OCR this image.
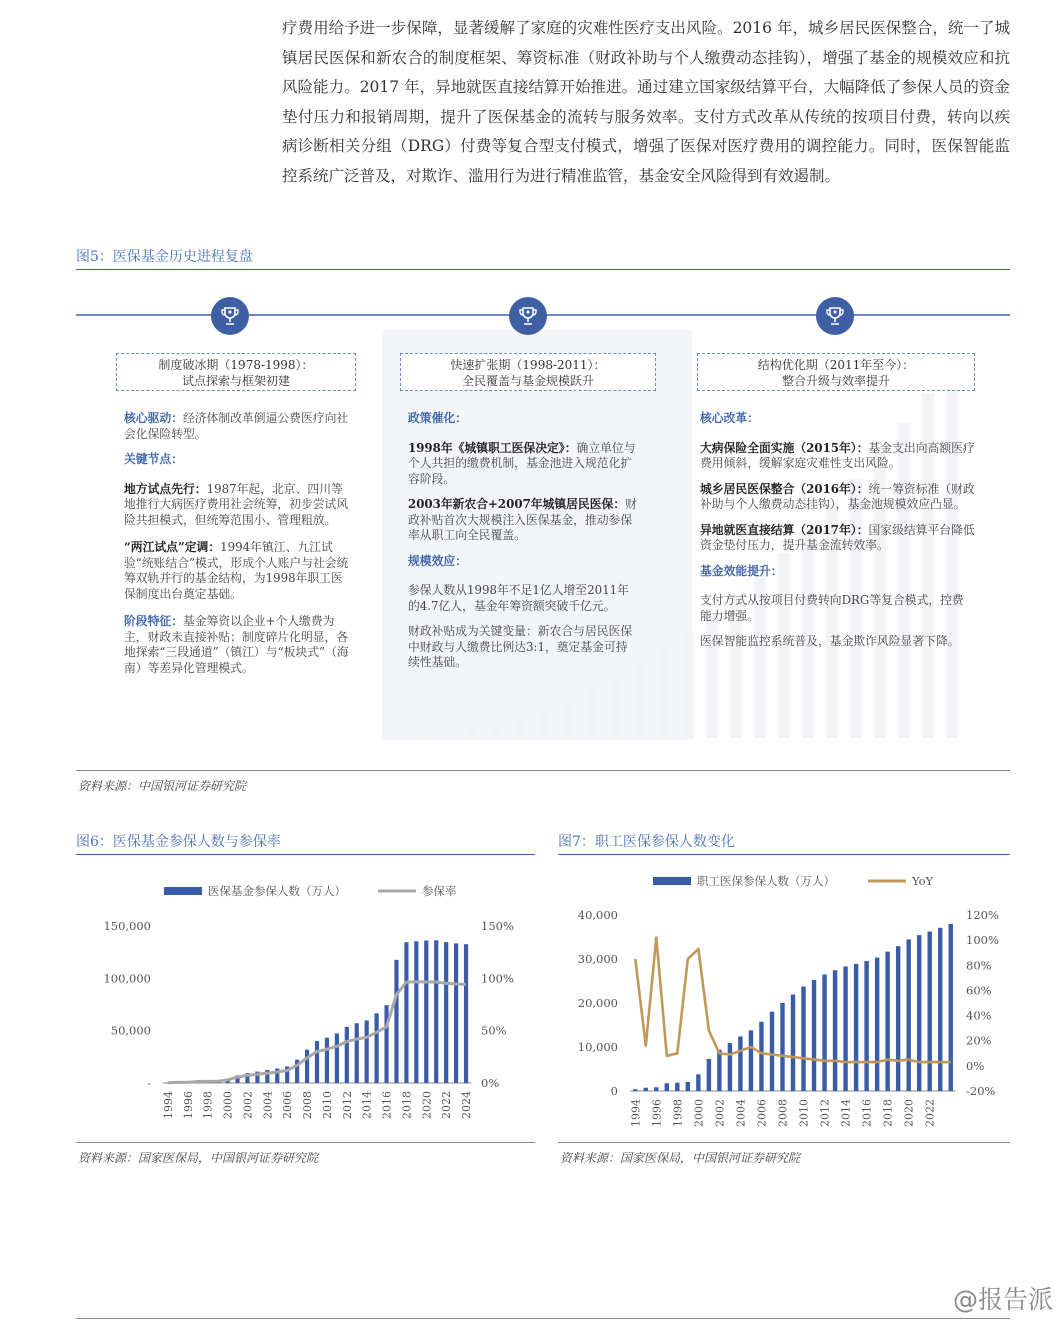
疗费用给予进一步保障，显著缓解了家庭的灾难性医疗支出风险。2016 年，城乡居民医保整合，统一了城镇居民医保和新农合的制度框架、筹资标准（财政补助与个人缴费动态挂钩），增强了基金的规模效应和抗风险能力。2017 年，异地就医直接结算开始推进。通过建立国家级结算平台，大幅降低了参保人员的资金垫付压力和报销周期，提升了医保基金的流转与服务效率。支付方式改革从传统的按项目付费，转向以疾病诊断相关分组（DRG）付费等复合型支付模式，增强了医保对医疗费用的调控能力。同时，医保智能监控系统广泛普及，对欺诈、滥用行为进行精准监管，基金安全风险得到有效遏制。

图5：医保基金历史进程复盘
制度破冰期（1978-1998）：
试点探索与框架初建
快速扩张期（1998-2011）：
全民覆盖与基金规模跃升
结构优化期（2011年至今）：
整合升级与效率提升

核心驱动：经济体制改革倒逼公费医疗向社会化保险转型。

关键节点：

地方试点先行：1987年起，北京、四川等地推行大病医疗费用社会统筹，初步尝试风险共担模式，但统筹范围小、管理粗放。

“两江试点”定调：1994年镇江、九江试验“统账结合”模式，形成个人账户与社会统筹双轨并行的基金结构，为1998年职工医保制度出台奠定基础。

阶段特征：基金筹资以企业+个人缴费为主，财政未直接补贴；制度碎片化明显，各地探索“三段通道”（镇江）与“板块式”（海南）等差异化管理模式。

政策催化：

1998年《城镇职工医保决定》：确立单位与个人共担的缴费机制，基金池进入规范化扩容阶段。

2003年新农合+2007年城镇居民医保：财政补贴首次大规模注入医保基金，推动参保率从职工向全民覆盖。

规模效应：

参保人数从1998年不足1亿人增至2011年的4.7亿人，基金年筹资额突破千亿元。

财政补贴成为关键变量：新农合与居民医保中财政与人缴费比例达3:1，奠定基金可持续性基础。

核心改革：

大病保险全面实施（2015年）：基金支出向高额医疗费用倾斜，缓解家庭灾难性支出风险。

城乡居民医保整合（2016年）：统一筹资标准（财政补助与个人缴费动态挂钩），基金池规模效应凸显。

异地就医直接结算（2017年）：国家级结算平台降低资金垫付压力，提升基金流转效率。

基金效能提升：

支付方式从按项目付费转向DRG等复合模式，控费能力增强。

医保智能监控系统普及，基金欺诈风险显著下降。

资料来源：中国银河证券研究院
图6：医保基金参保人数与参保率
医保基金参保人数（万人）	参保率
-
50,000
100,000
150,000
0%
50%
100%
150%
1994 1996 1998 2000 2002 2004 2006 2008 2010 2012 2014 2016 2018 2020 2022 2024
资料来源：国家医保局，中国银河证券研究院
图7：职工医保参保人数变化
职工医保参保人数（万人）	YoY
0
10,000
20,000
30,000
40,000
-20%
0%
20%
40%
60%
80%
100%
120%
1994 1996 1998 2000 2002 2004 2006 2008 2010 2012 2014 2016 2018 2020 2022
资料来源：国家医保局，中国银河证券研究院
@报告派
